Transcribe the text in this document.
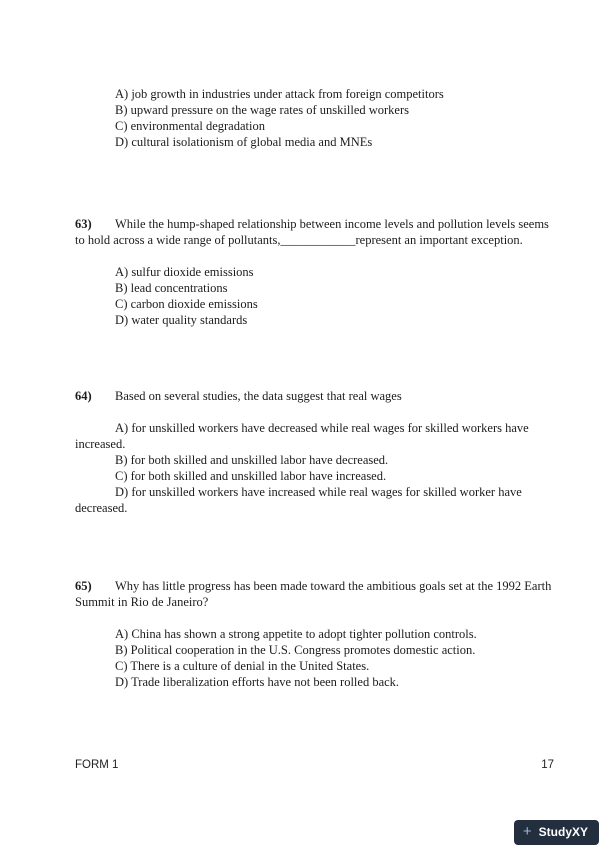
A) job growth in industries under attack from foreign competitors

B) upward pressure on the wage rates of unskilled workers

C) environmental degradation

D) cultural isolationism of global media and MNEs

63) While the hump-shaped relationship between income levels and pollution levels seems to hold across a wide range of pollutants,____________represent an important exception.

A) sulfur dioxide emissions

B) lead concentrations

C) carbon dioxide emissions

D) water quality standards

64) Based on several studies, the data suggest that real wages

A) for unskilled workers have decreased while real wages for skilled workers have increased.

B) for both skilled and unskilled labor have decreased.

C) for both skilled and unskilled labor have increased.

D) for unskilled workers have increased while real wages for skilled worker have decreased.

65) Why has little progress has been made toward the ambitious goals set at the 1992 Earth Summit in Rio de Janeiro?

A) China has shown a strong appetite to adopt tighter pollution controls.

B) Political cooperation in the U.S. Congress promotes domestic action.

C) There is a culture of denial in the United States.

D) Trade liberalization efforts have not been rolled back.

FORM 1	17
+ StudyXY
